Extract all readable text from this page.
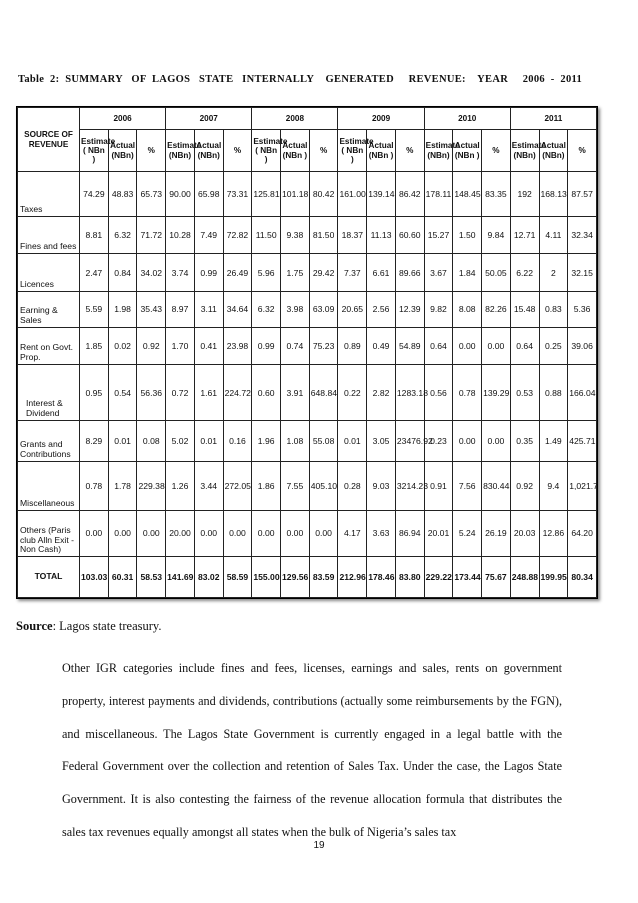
Table  2:  SUMMARY   OF  LAGOS   STATE   INTERNALLY    GENERATED     REVENUE:    YEAR     2006  -  2011
SOURCE OF REVENUE	2006			2007			2008			2009			2010			2011		
	Estimate ( NBn )	Actual (NBn)	%	Estimate (NBn)	Actual (NBn)	%	Estimate ( NBn )	Actual (NBn )	%	Estimate ( NBn )	Actual (NBn )	%	Estimate (NBn)	Actual (NBn )	%	Estimate (NBn)	Actual (NBn)	%
Taxes	74.29	48.83	65.73	90.00	65.98	73.31	125.81	101.18	80.42	161.00	139.14	86.42	178.11	148.45	83.35	192	168.13	87.57
Fines and fees	8.81	6.32	71.72	10.28	7.49	72.82	11.50	9.38	81.50	18.37	11.13	60.60	15.27	1.50	9.84	12.71	4.11	32.34
Licences	2.47	0.84	34.02	3.74	0.99	26.49	5.96	1.75	29.42	7.37	6.61	89.66	3.67	1.84	50.05	6.22	2	32.15
Earning & Sales	5.59	1.98	35.43	8.97	3.11	34.64	6.32	3.98	63.09	20.65	2.56	12.39	9.82	8.08	82.26	15.48	0.83	5.36
Rent on Govt. Prop.	1.85	0.02	0.92	1.70	0.41	23.98	0.99	0.74	75.23	0.89	0.49	54.89	0.64	0.00	0.00	0.64	0.25	39.06
Interest & Dividend	0.95	0.54	56.36	0.72	1.61	224.72	0.60	3.91	648.84	0.22	2.82	1283.18	0.56	0.78	139.29	0.53	0.88	166.04
Grants and Contributions	8.29	0.01	0.08	5.02	0.01	0.16	1.96	1.08	55.08	0.01	3.05	23476.92	0.23	0.00	0.00	0.35	1.49	425.71
Miscellaneous	0.78	1.78	229.38	1.26	3.44	272.05	1.86	7.55	405.10	0.28	9.03	3214.23	0.91	7.56	830.44	0.92	9.4	1,021.7
Others (Paris club Alln Exit - Non Cash)	0.00	0.00	0.00	20.00	0.00	0.00	0.00	0.00	0.00	4.17	3.63	86.94	20.01	5.24	26.19	20.03	12.86	64.20
TOTAL	103.03	60.31	58.53	141.69	83.02	58.59	155.00	129.56	83.59	212.96	178.46	83.80	229.22	173.44	75.67	248.88	199.95	80.34
Source: Lagos state treasury.
Other IGR categories include fines and fees, licenses, earnings and sales, rents on government property, interest payments and dividends, contributions (actually some reimbursements by the FGN), and miscellaneous. The Lagos State Government is currently engaged in a legal battle with the Federal Government over the collection and retention of Sales Tax. Under the case, the Lagos State Government. It is also contesting the fairness of the revenue allocation formula that distributes the sales tax revenues equally amongst all states when the bulk of Nigeria’s sales tax
19
